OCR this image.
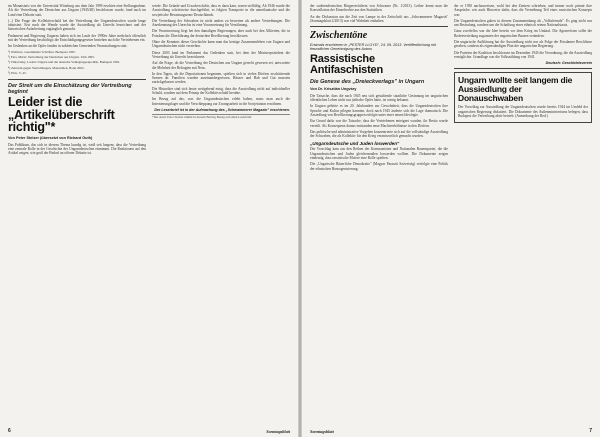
im Monatsinfo von der Universität Würzburg aus dem Jahr 1999 erschien eine Stellungnahme. Als die Vertreibung der Deutschen aus Ungarn (1945/48) beschlossen wurde, fand auch im Land eine Debatte statt.

(...) Die Frage der Kollektivschuld bei der Vertreibung der Ungarndeutschen wurde lange tabuisiert. Erst nach der Wende wurde die Aussiedlung als Unrecht bezeichnet und der historischen Aufarbeitung zugänglich gemacht.

Parlament und Regierung Ungarns haben sich im Laufe der 1990er Jahre mehrfach öffentlich mit der Vertreibung beschäftigt; die Entschädigungsgesetze beziehen auch die Vertriebenen ein.

Im Gedenken an die Opfer fanden in zahlreichen Gemeinden Veranstaltungen statt.

¹) Weltbote. Gesammelte Schriften. Budapest 1997.
²) Fata, Márta: Vertreibung der Deutschen aus Ungarn. Ulm 1995.
³) Tilkovszky, Loránt: Ungarn und die deutsche Volksgruppenpolitik. Budapest 1981.
⁴) Zentrum gegen Vertreibungen, Materialien, Bonn 2002.
⁵) Ebd., S. 45.
Der Streit um die Einschätzung der Vertreibung beginnt
Leider ist die „Artikelüberschrift richtig"*
Von Peter Stelzer (übersetzt von Richard Guth)

Das Publikum, das sich in diesem Thema kundig ist, weiß seit langem, dass die Vertreibung eine zentrale Rolle in der Geschichte der Ungarndeutschen einnimmt. Die Reaktionen auf den Artikel zeigen, wie groß der Bedarf an offener Debatte ist.

werde. Die Gründe und Ursachen dafür, dass es dazu kam, waren vielfältig. Ab 1946 wurde die Aussiedlung schrittweise durchgeführt, es folgten Transporte in die amerikanische und die sowjetische Besatzungszone Deutschlands.

Die Vertreibung der Schwaben ist nicht anders zu bewerten als andere Vertreibungen. Die Anerkennung des Unrechts ist eine Voraussetzung für Versöhnung.

Die Verantwortung liegt bei den damaligen Regierungen, aber auch bei den Alliierten, die in Potsdam die Überführung der deutschen Bevölkerung beschlossen.

Ohne die Kenntnis dieser Geschichte kann man das heutige Zusammenleben von Ungarn und Ungarndeutschen nicht verstehen.

Diese 2003 fand im Parlament das Gedenken statt, bei dem der Ministerpräsident die Vertreibung als Unrecht bezeichnete.

Auf die Frage, ob die Vertreibung der Deutschen aus Ungarn gerecht gewesen sei, antwortete die Mehrheit der Befragten mit Nein.

In den Tagen, als die Deportationen begannen, spielten sich in vielen Dörfern erschütternde Szenen ab. Familien wurden auseinandergerissen, Häuser und Hab und Gut mussten zurückgelassen werden.

Die Historiker sind sich heute weitgehend einig, dass die Aussiedlung nicht auf individueller Schuld, sondern auf dem Prinzip der Kollektivschuld beruhte.

Im Bezug auf das, was die Ungarndeutschen erlebt haben, muss man auch die Internierungslager und die Verschleppung zur Zwangsarbeit in die Sowjetunion erwähnen.

Der Leserbrief ist in der Aufmachung des „Schwammerer Magazin" erschienen.

*Der Autor Peter Stelzer nimmt in diesem Beitrag Bezug auf einen Leserbrief.
6	Sonntagsblatt

der sudetendeutschen Bürgerrechtlerin von Schwaner (Nr. 1/2013). Leiber kennt man die Konstellation der Einzelrechte aus den Statistiken.

An der Diskussion um die Zeit von Lampe in der Zeitschrift aus „Schwammerer Magazin" (Sonntagsblatt 2/2013) war viel Wahrheit enthalten.

Zwischentöne
Erstmals erschienen in „PESTER LLOYD", 24. 09. 2013. Veröffentlichung mit freundlicher Genehmigung des Autors
Rassistische Antifaschisten
Die Genese des „Dreieckverlags" in Ungarn
Von Dr. Krisztián Ungváry

Die Tatsache, dass die nach 1945 neu sich gestaltende staatliche Gesinnung im ungarischen öffentlichen Leben nicht nur jüdische Opfer hatte, ist wenig bekannt.

In Ungarn gehörte es im 20. Jahrhundert zur Gewohnheit, dass die Ungarndeutschen ihre Sprache und Kultur pflegen konnten, doch nach 1945 änderte sich die Lage dramatisch. Die Ansiedlung von Bevölkerungsgruppen erfolgte unter einer neuen Ideologie.

Ein Grund dafür war die Tatsache, dass die Vertriebenen enteignet wurden, ihr Besitz wurde verteilt. Als Konsequenz daraus entstanden neue Machtverhältnisse in den Dörfern.

Das politische und administrative Vorgehen konzentrierte sich auf die vollständige Aussiedlung der Schwaben, die als Kollektiv für den Krieg verantwortlich gemacht wurden.

„Ungarndeutsche und Juden loswerden"

Der Vorschlag kam aus den Reihen der Kommunisten und Nationalen Bauernpartei, die die Ungarndeutschen und Juden gleichermaßen loswerden wollten. Die Dokumente zeigen eindeutig, dass rassistische Motive eine Rolle spielten.

Die „Ungarische Bäuerliche Demokratie" (Magyar Paraszti Szövetség) verfolgte eine Politik der ethnischen Homogenisierung.

der er 1930 nachzuweisen, wohl bei den Zentren schrieben, und immer noch primär ihre Ansprüche, wie auch Hinweise dafür, dass die Vertreibung Teil eines rassistischen Konzepts war.

Die Ungarndeutschen galten in diesem Zusammenhang als „Volksfremde". Es ging nicht nur um Bestrafung, sondern um die Schaffung eines ethnisch reinen Nationalstaats.

Ganz zweifellos war die Idee bereits vor dem Krieg im Umlauf. Die Agrarreform sollte die Bodenverteilung zugunsten der ungarischen Bauern verändern.

Die ungarische Aufklärung hat die Aussiedlung nicht nur als Folge der Potsdamer Beschlüsse gesehen, sondern als eigenständigen Plan der ungarischen Regierung.

Die Parteien der Koalition beschlossen im Dezember 1945 die Verordnung, die die Aussiedlung ermöglichte. Grundlage war die Volkszählung von 1941.

Deutsch: Geschichtsverein
Ungarn wollte seit langem die Aussiedlung der Donauschwaben

Der Vorschlag zur Aussiedlung der Ungarndeutschen wurde bereits 1944 im Umfeld der ungarischen Regierung diskutiert. Die Dokumente des Außenministeriums belegen, dass Budapest die Vertreibung aktiv betrieb. (Anmerkung der Red.)

Sonntagsblatt	7
